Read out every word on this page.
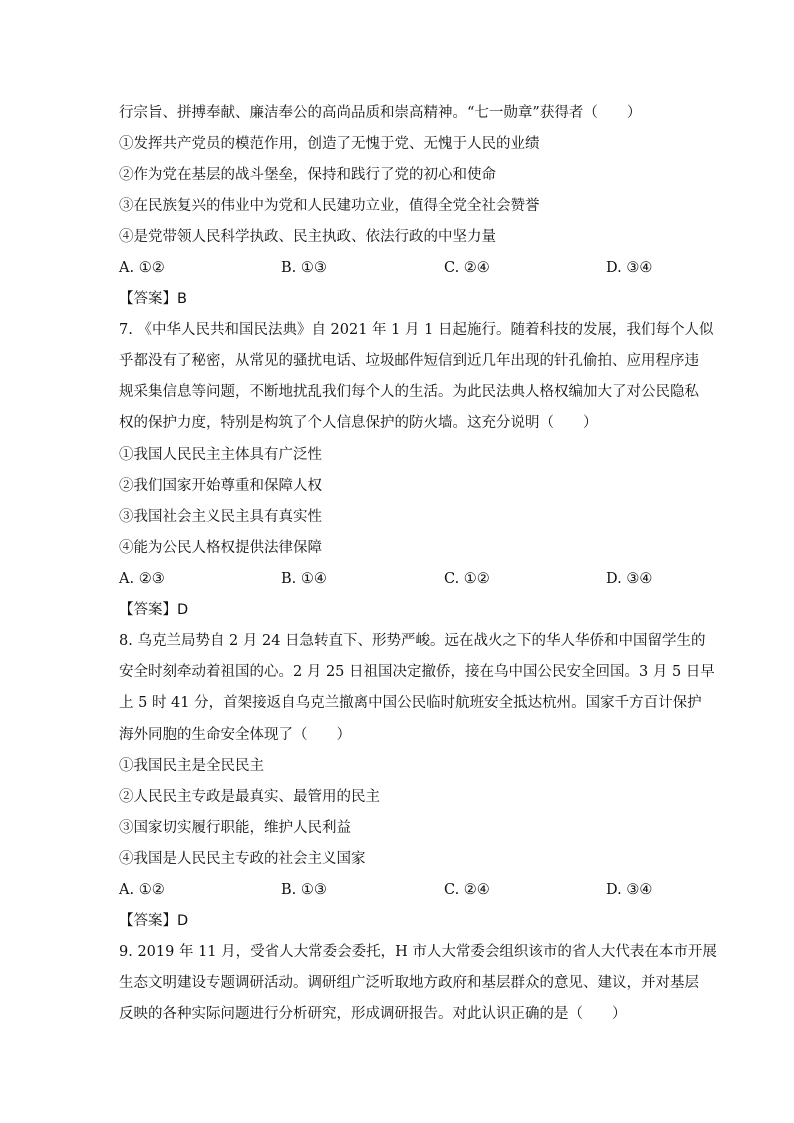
行宗旨、拼搏奉献、廉洁奉公的高尚品质和崇高精神。“七一勋章”获得者（　　）
①发挥共产党员的模范作用，创造了无愧于党、无愧于人民的业绩
②作为党在基层的战斗堡垒，保持和践行了党的初心和使命
③在民族复兴的伟业中为党和人民建功立业，值得全党全社会赞誉
④是党带领人民科学执政、民主执政、依法行政的中坚力量
A. ①②	B. ①③	C. ②④	D. ③④
【答案】B
7. 《中华人民共和国民法典》自 2021 年 1 月 1 日起施行。随着科技的发展，我们每个人似
乎都没有了秘密，从常见的骚扰电话、垃圾邮件短信到近几年出现的针孔偷拍、应用程序违
规采集信息等问题，不断地扰乱我们每个人的生活。为此民法典人格权编加大了对公民隐私
权的保护力度，特别是构筑了个人信息保护的防火墙。这充分说明（　　）
①我国人民民主主体具有广泛性
②我们国家开始尊重和保障人权
③我国社会主义民主具有真实性
④能为公民人格权提供法律保障
A. ②③	B. ①④	C. ①②	D. ③④
【答案】D
8. 乌克兰局势自 2 月 24 日急转直下、形势严峻。远在战火之下的华人华侨和中国留学生的
安全时刻牵动着祖国的心。2 月 25 日祖国决定撤侨，接在乌中国公民安全回国。3 月 5 日早
上 5 时 41 分，首架接返自乌克兰撤离中国公民临时航班安全抵达杭州。国家千方百计保护
海外同胞的生命安全体现了（　　）
①我国民主是全民民主
②人民民主专政是最真实、最管用的民主
③国家切实履行职能，维护人民利益
④我国是人民民主专政的社会主义国家
A. ①②	B. ①③	C. ②④	D. ③④
【答案】D
9. 2019 年 11 月，受省人大常委会委托，H 市人大常委会组织该市的省人大代表在本市开展
生态文明建设专题调研活动。调研组广泛听取地方政府和基层群众的意见、建议，并对基层
反映的各种实际问题进行分析研究，形成调研报告。对此认识正确的是（　　）
